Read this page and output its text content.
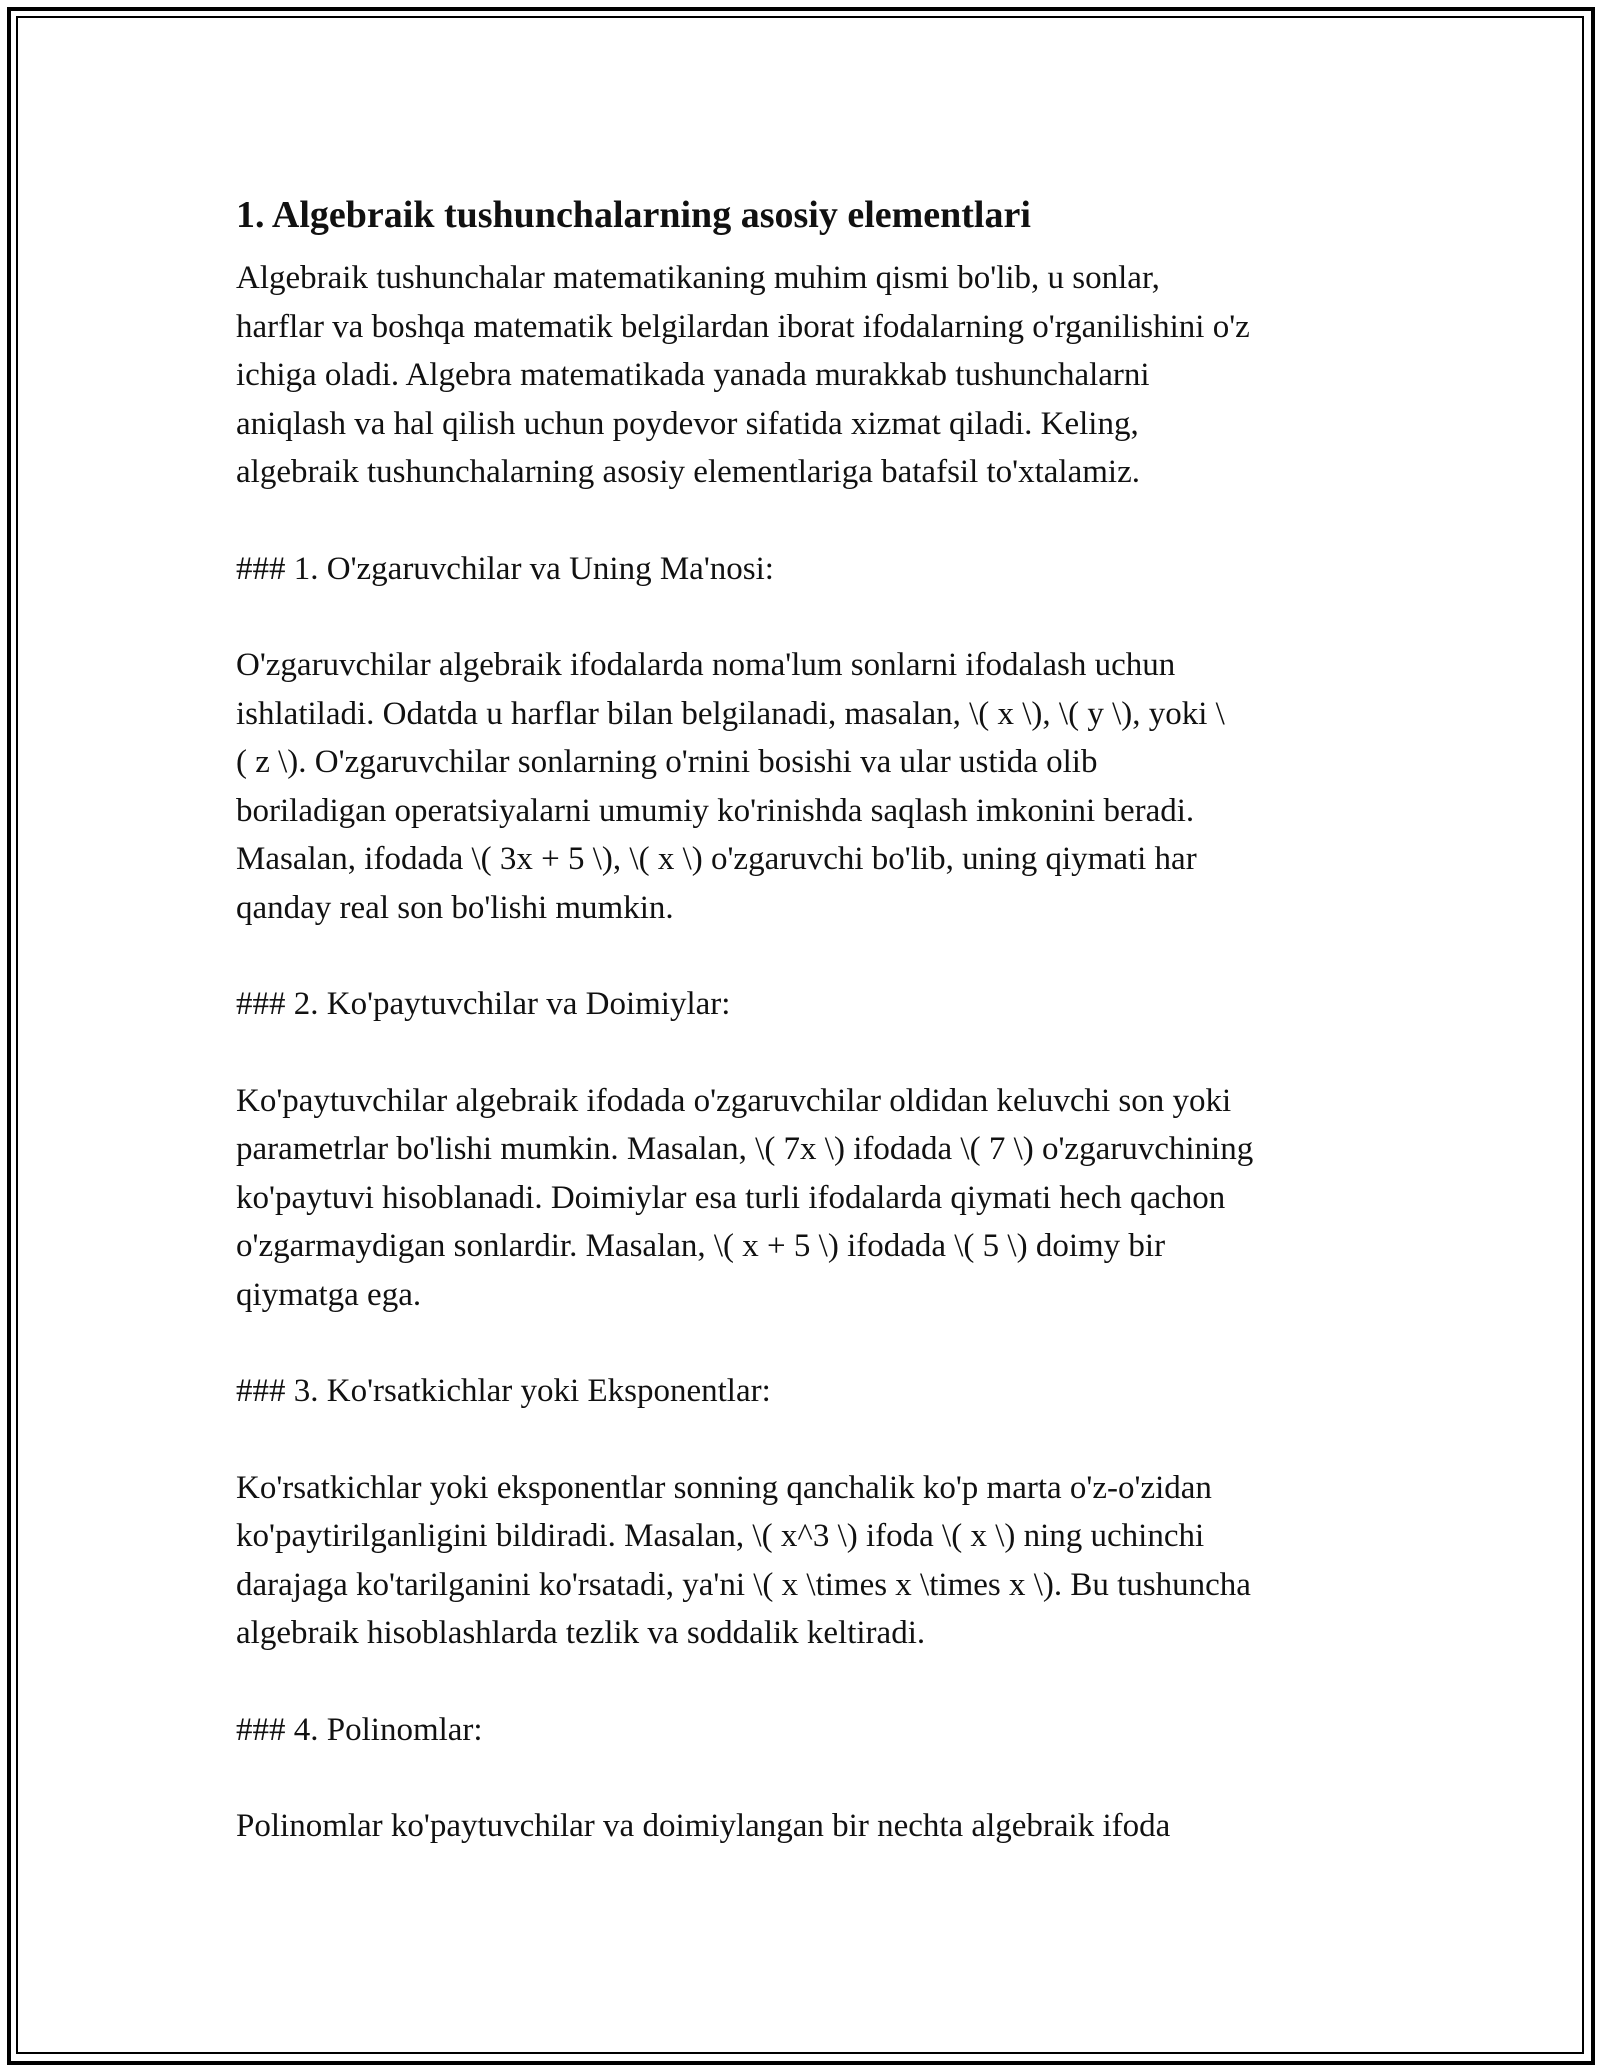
1. Algebraik tushunchalarning asosiy elementlari
Algebraik tushunchalar matematikaning muhim qismi bo'lib, u sonlar,
harflar va boshqa matematik belgilardan iborat ifodalarning o'rganilishini o'z
ichiga oladi. Algebra matematikada yanada murakkab tushunchalarni
aniqlash va hal qilish uchun poydevor sifatida xizmat qiladi. Keling,
algebraik tushunchalarning asosiy elementlariga batafsil to'xtalamiz.
### 1. O'zgaruvchilar va Uning Ma'nosi:
O'zgaruvchilar algebraik ifodalarda noma'lum sonlarni ifodalash uchun
ishlatiladi. Odatda u harflar bilan belgilanadi, masalan, \( x \), \( y \), yoki \
( z \). O'zgaruvchilar sonlarning o'rnini bosishi va ular ustida olib
boriladigan operatsiyalarni umumiy ko'rinishda saqlash imkonini beradi.
Masalan, ifodada \( 3x + 5 \), \( x \) o'zgaruvchi bo'lib, uning qiymati har
qanday real son bo'lishi mumkin.
### 2. Ko'paytuvchilar va Doimiylar:
Ko'paytuvchilar algebraik ifodada o'zgaruvchilar oldidan keluvchi son yoki
parametrlar bo'lishi mumkin. Masalan, \( 7x \) ifodada \( 7 \) o'zgaruvchining
ko'paytuvi hisoblanadi. Doimiylar esa turli ifodalarda qiymati hech qachon
o'zgarmaydigan sonlardir. Masalan, \( x + 5 \) ifodada \( 5 \) doimy bir
qiymatga ega.
### 3. Ko'rsatkichlar yoki Eksponentlar:
Ko'rsatkichlar yoki eksponentlar sonning qanchalik ko'p marta o'z-o'zidan
ko'paytirilganligini bildiradi. Masalan, \( x^3 \) ifoda \( x \) ning uchinchi
darajaga ko'tarilganini ko'rsatadi, ya'ni \( x \times x \times x \). Bu tushuncha
algebraik hisoblashlarda tezlik va soddalik keltiradi.
### 4. Polinomlar:
Polinomlar ko'paytuvchilar va doimiylangan bir nechta algebraik ifoda
